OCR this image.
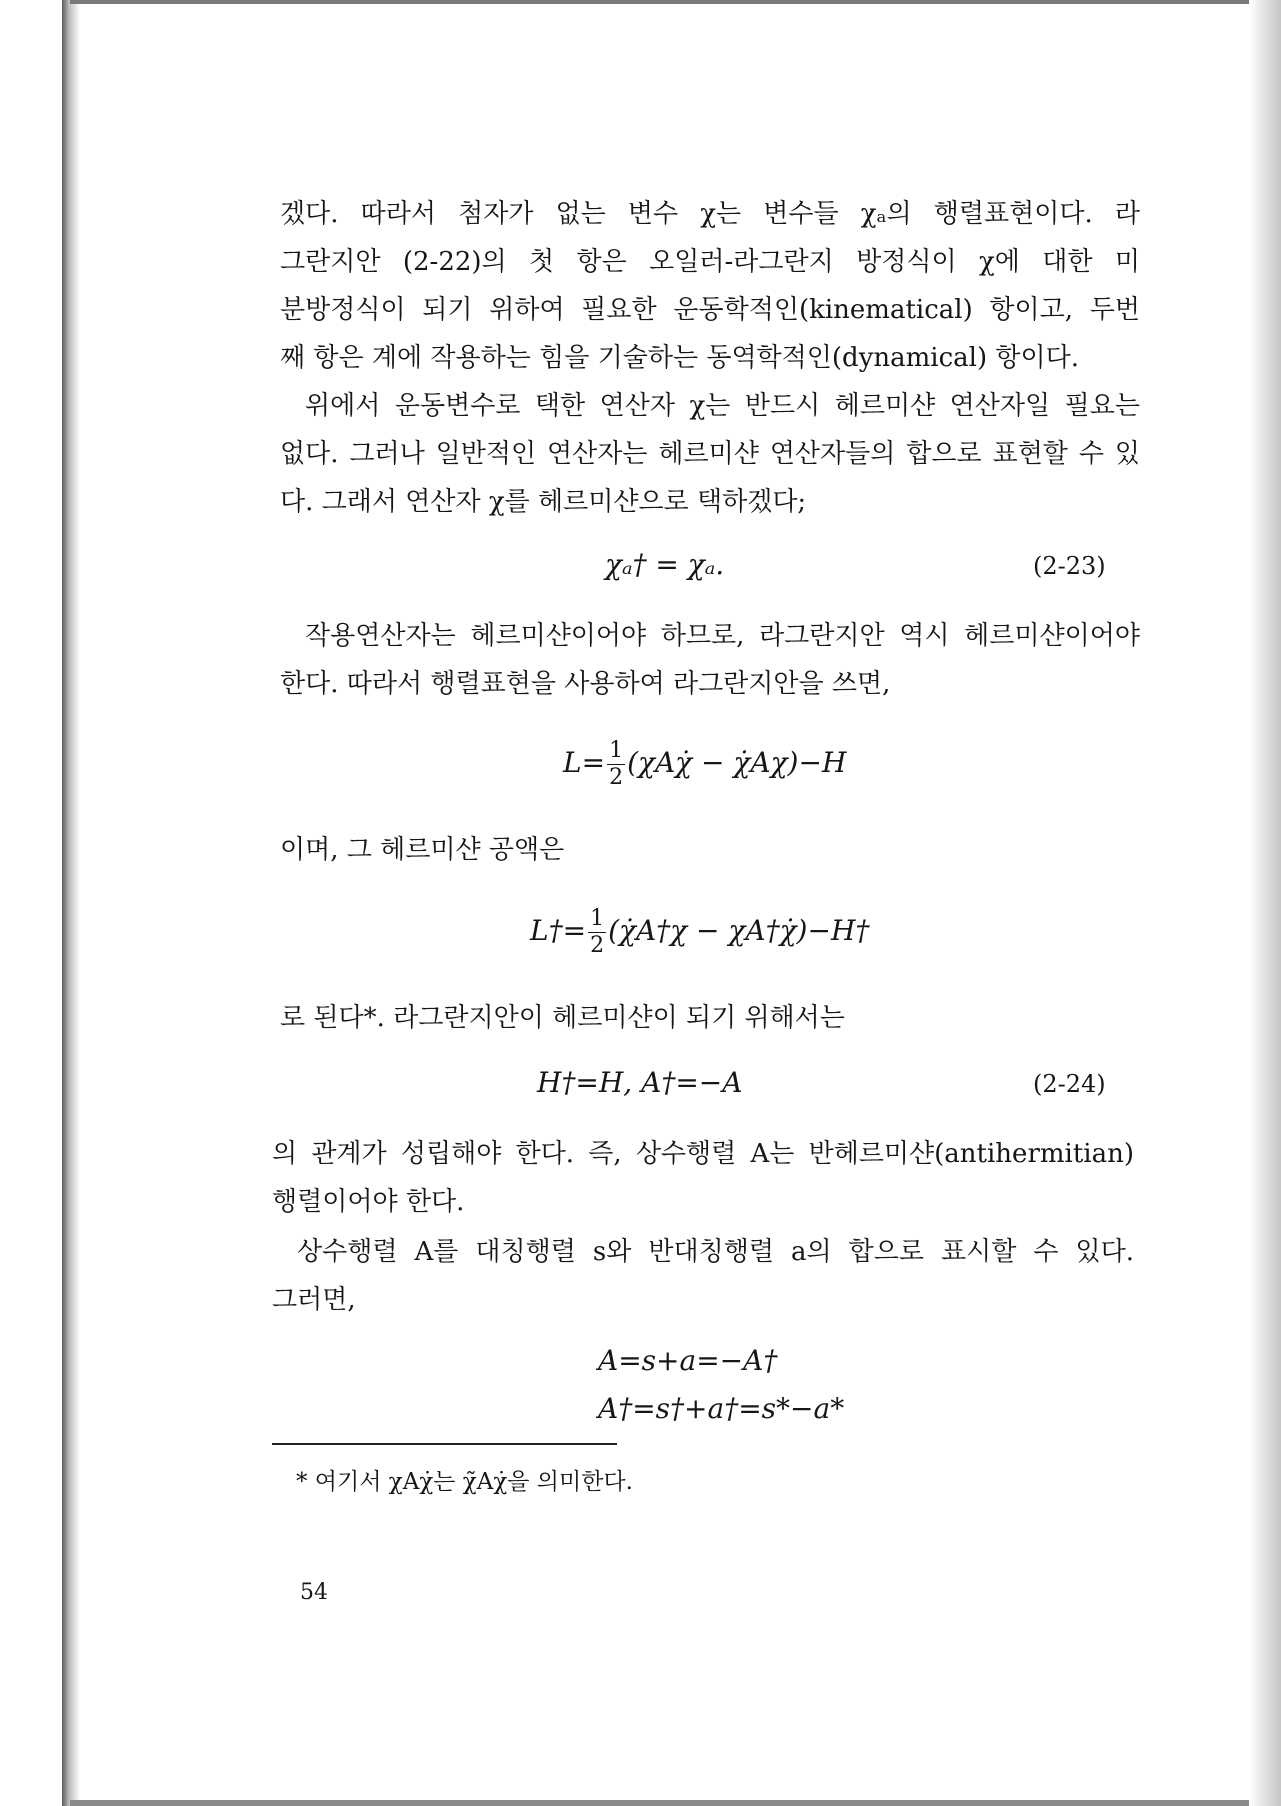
겠다. 따라서 첨자가 없는 변수 χ는 변수들 χₐ의 행렬표현이다. 라
그란지안 (2-22)의 첫 항은 오일러-라그란지 방정식이 χ에 대한 미
분방정식이 되기 위하여 필요한 운동학적인(kinematical) 항이고, 두번
째 항은 계에 작용하는 힘을 기술하는 동역학적인(dynamical) 항이다.
위에서 운동변수로 택한 연산자 χ는 반드시 헤르미샨 연산자일 필요는
없다. 그러나 일반적인 연산자는 헤르미샨 연산자들의 합으로 표현할 수 있
다. 그래서 연산자 χ를 헤르미샨으로 택하겠다;
χₐ† = χₐ.	(2-23)
작용연산자는 헤르미샨이어야 하므로, 라그란지안 역시 헤르미샨이어야
한다. 따라서 행렬표현을 사용하여 라그란지안을 쓰면,
$L= \frac{1}{2}$ (χAχ̇ − χ̇Aχ)−H
이며, 그 헤르미샨 공액은
L†= $\frac{1}{2}$ (χ̇A†χ − χA†χ̇)−H†
로 된다*. 라그란지안이 헤르미샨이 되기 위해서는
H†=H, A†=−A	(2-24)
의 관계가 성립해야 한다. 즉, 상수행렬 A는 반헤르미샨(antihermitian)
행렬이어야 한다.
상수행렬 A를 대칭행렬 s와 반대칭행렬 a의 합으로 표시할 수 있다.
그러면,
A=s+a=−A†
A†=s†+a†=s*−a*
* 여기서 χAχ̇는 χ̃Aχ̇을 의미한다.
54
